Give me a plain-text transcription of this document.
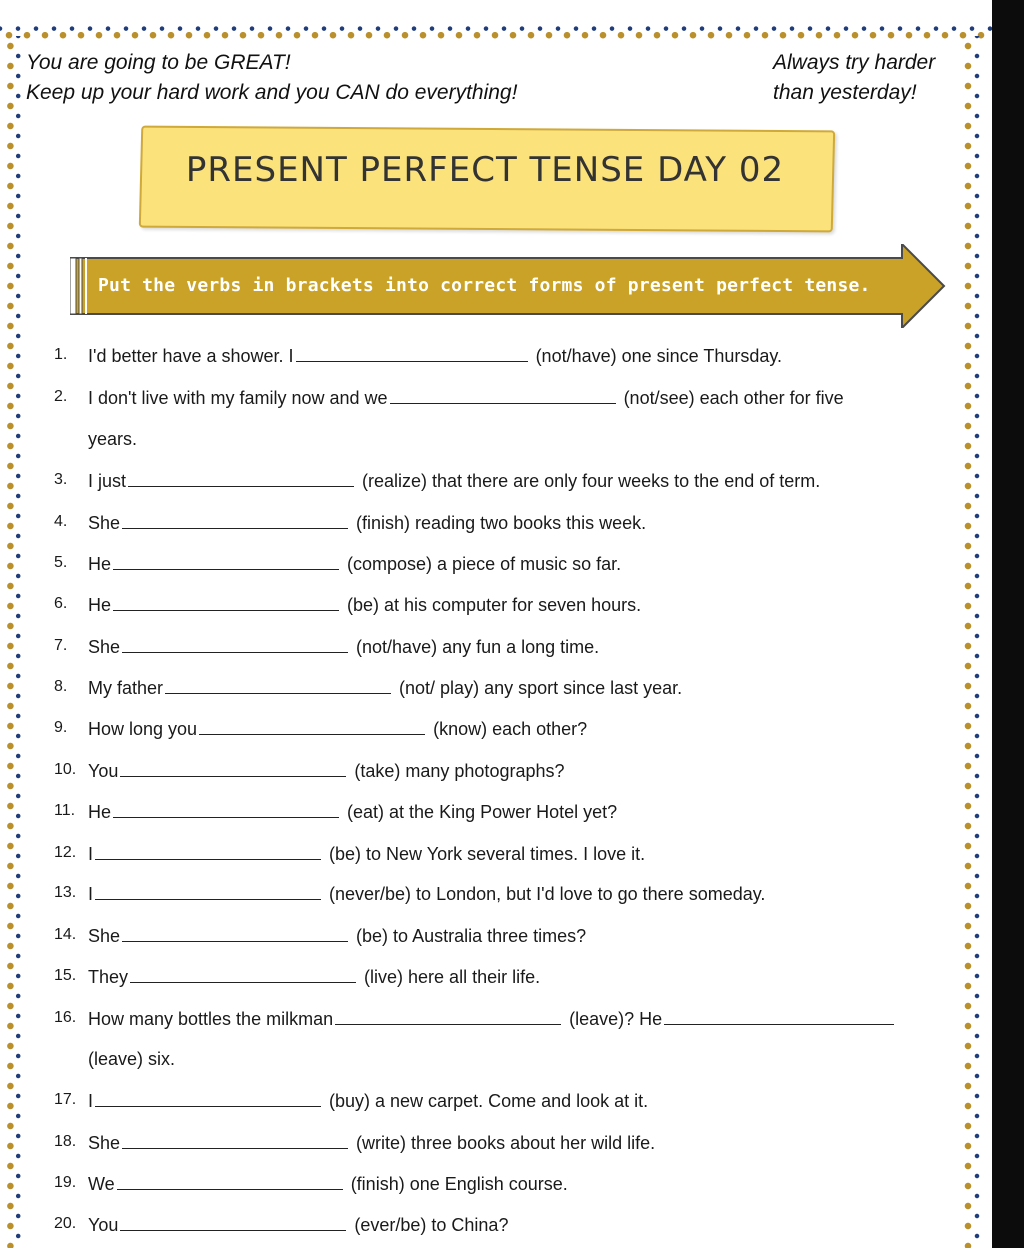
You are going to be GREAT!
Keep up your hard work and you CAN do everything!
Always try harder
than yesterday!
PRESENT PERFECT TENSE DAY 02
Put the verbs in brackets into correct forms of present perfect tense.
1.	I'd better have a shower. I	(not/have) one since Thursday.
2.	I don't live with my family now and we	(not/see) each other for five
years.
3.	I just	(realize) that there are only four weeks to the end of term.
4.	She	(finish) reading two books this week.
5.	He	(compose) a piece of music so far.
6.	He	(be) at his computer for seven hours.
7.	She	(not/have) any fun a long time.
8.	My father	(not/ play) any sport since last year.
9.	How long you	(know) each other?
10. You	(take) many photographs?
11. He	(eat) at the King Power Hotel yet?
12. I	(be) to New York several times. I love it.
13. I	(never/be) to London, but I'd love to go there someday.
14. She	(be) to Australia three times?
15. They	(live) here all their life.
16. How many bottles the milkman	(leave)? He
(leave) six.
17. I	(buy) a new carpet. Come and look at it.
18. She	(write) three books about her wild life.
19. We	(finish) one English course.
20. You	(ever/be) to China?
